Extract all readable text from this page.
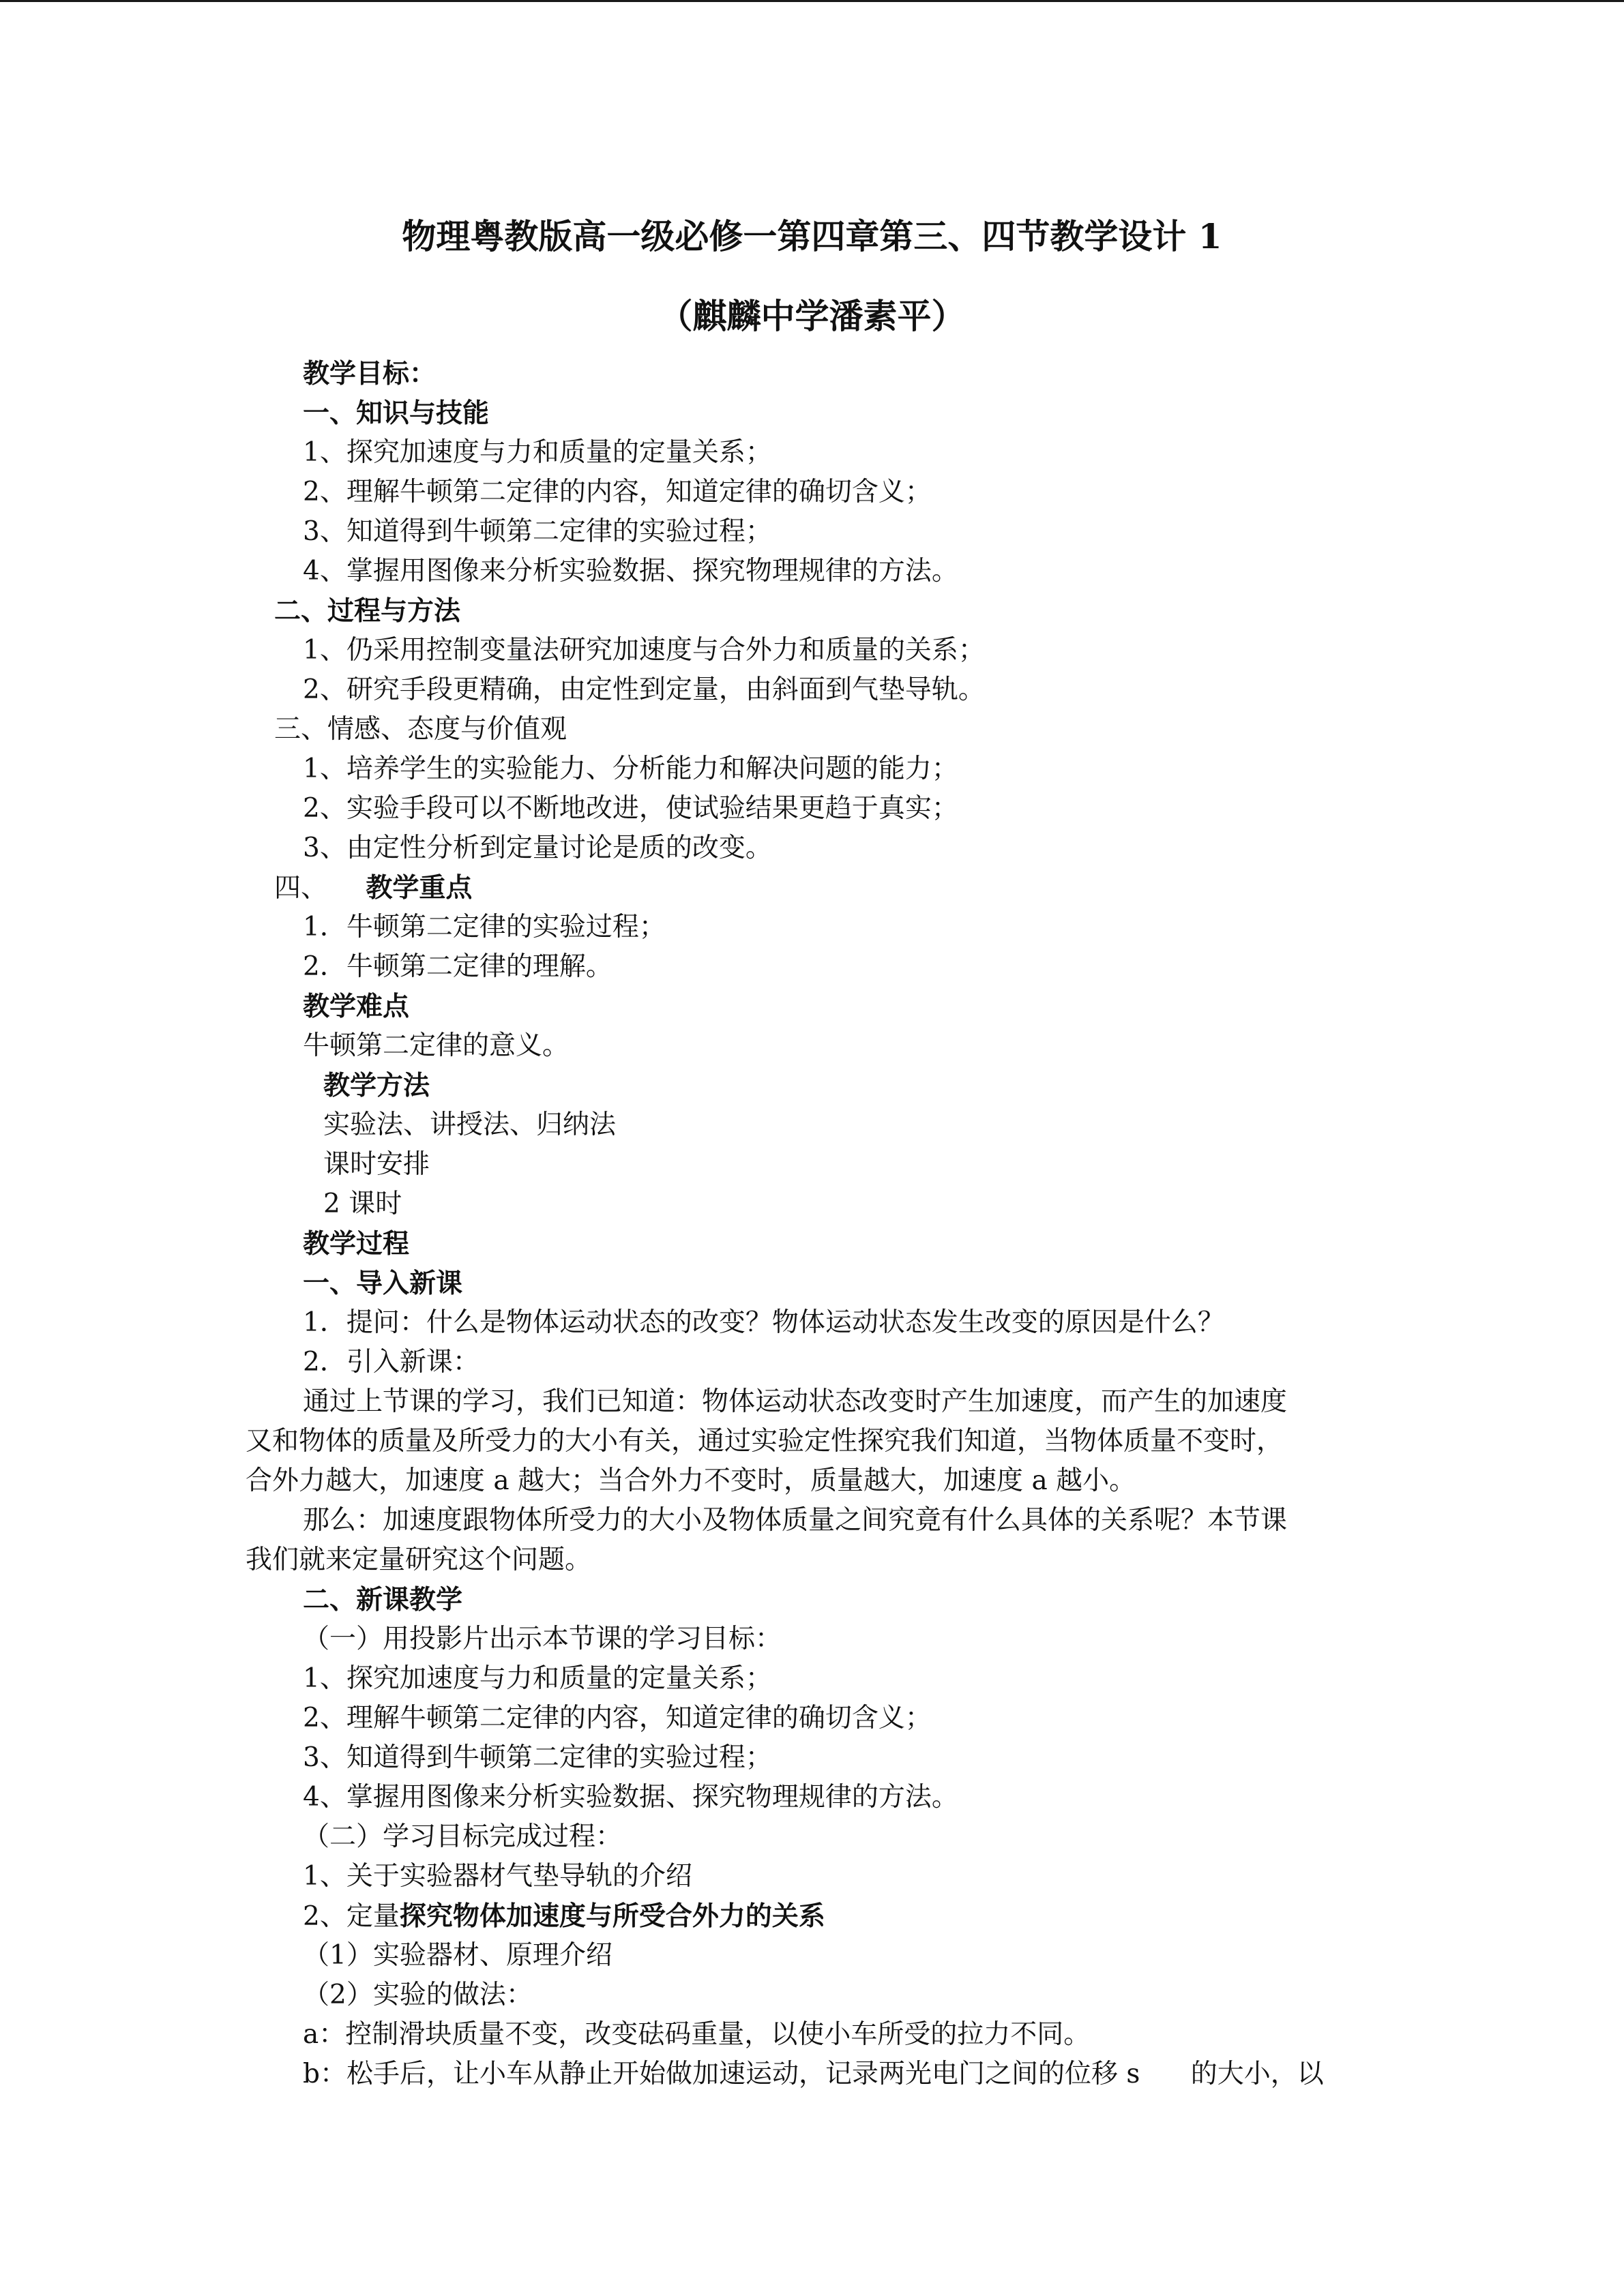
物理粤教版高一级必修一第四章第三、四节教学设计 1
（麒麟中学潘素平）
教学目标：
一、知识与技能
1、探究加速度与力和质量的定量关系；
2、理解牛顿第二定律的内容，知道定律的确切含义；
3、知道得到牛顿第二定律的实验过程；
4、掌握用图像来分析实验数据、探究物理规律的方法。
二、过程与方法
1、仍采用控制变量法研究加速度与合外力和质量的关系；
2、研究手段更精确，由定性到定量，由斜面到气垫导轨。
三、情感、态度与价值观
1、培养学生的实验能力、分析能力和解决问题的能力；
2、实验手段可以不断地改进，使试验结果更趋于真实；
3、由定性分析到定量讨论是质的改变。
四、 教学重点
1．牛顿第二定律的实验过程；
2．牛顿第二定律的理解。
教学难点
牛顿第二定律的意义。
教学方法
实验法、讲授法、归纳法
课时安排
2 课时
教学过程
一、导入新课
1．提问：什么是物体运动状态的改变？物体运动状态发生改变的原因是什么？
2．引入新课：
通过上节课的学习，我们已知道：物体运动状态改变时产生加速度，而产生的加速度
又和物体的质量及所受力的大小有关，通过实验定性探究我们知道，当物体质量不变时，
合外力越大，加速度 a 越大；当合外力不变时，质量越大，加速度 a 越小。
那么：加速度跟物体所受力的大小及物体质量之间究竟有什么具体的关系呢？本节课
我们就来定量研究这个问题。
二、新课教学
（一）用投影片出示本节课的学习目标：
1、探究加速度与力和质量的定量关系；
2、理解牛顿第二定律的内容，知道定律的确切含义；
3、知道得到牛顿第二定律的实验过程；
4、掌握用图像来分析实验数据、探究物理规律的方法。
（二）学习目标完成过程：
1、关于实验器材气垫导轨的介绍
2、定量探究物体加速度与所受合外力的关系
（1）实验器材、原理介绍
（2）实验的做法：
a：控制滑块质量不变，改变砝码重量，以使小车所受的拉力不同。
b：松手后，让小车从静止开始做加速运动，记录两光电门之间的位移 s      的大小，以
